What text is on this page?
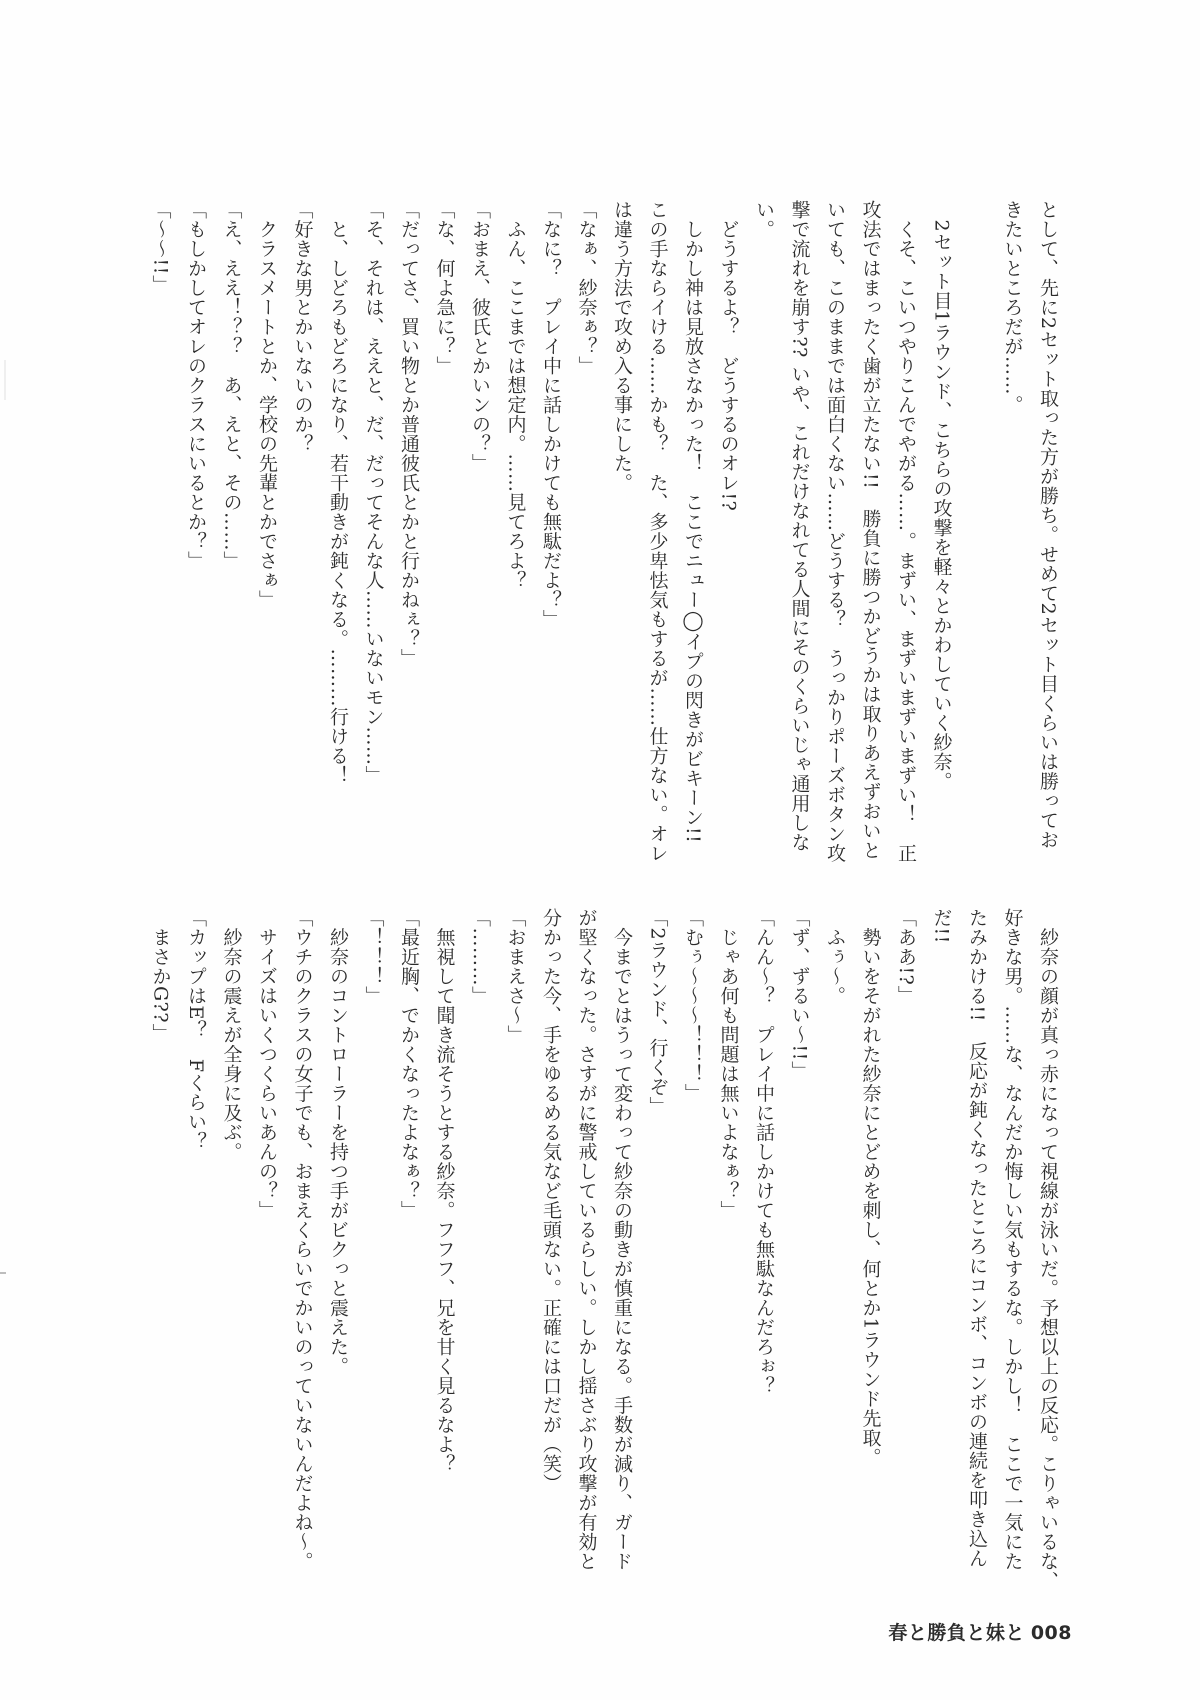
として、先に2セット取った方が勝ち。せめて2セット目くらいは勝ってお
きたいところだが……。

　2セット目1ラウンド、こちらの攻撃を軽々とかわしていく紗奈。
　くそ、こいつやりこんでやがる……。まずい、まずいまずいまずい！　正
攻法ではまったく歯が立たない!!　勝負に勝つかどうかは取りあえずおいと
いても、このままでは面白くない……どうする？　うっかりポーズボタン攻
撃で流れを崩す?? いや、これだけなれてる人間にそのくらいじゃ通用しな
い。
　どうするよ？　どうするのオレ!?
　しかし神は見放さなかった！　ここでニュー◯イプの閃きがビキーン!!
この手ならイける……かも？　た、多少卑怯気もするが……仕方ない。オレ
は違う方法で攻め入る事にした。
「なぁ、紗奈ぁ？」
「なに？　プレイ中に話しかけても無駄だよ？」
　ふん、ここまでは想定内。……見てろよ？
「おまえ、彼氏とかいンの？」
「な、何よ急に？」
「だってさ、買い物とか普通彼氏とかと行かねぇ？」
「そ、それは、ええと、だ、だってそんな人……いないモン……」
　と、しどろもどろになり、若干動きが鈍くなる。………行ける！
「好きな男とかいないのか？
　クラスメートとか、学校の先輩とかでさぁ」
「え、ええ！？？　あ、えと、その……」
「もしかしてオレのクラスにいるとか？」
「～～!!」
　紗奈の顔が真っ赤になって視線が泳いだ。予想以上の反応。こりゃいるな、
好きな男。……な、なんだか悔しい気もするな。しかし！　ここで一気にた
たみかける!!　反応が鈍くなったところにコンボ、コンボの連続を叩き込ん
だ!!
「ああ!?」
　勢いをそがれた紗奈にとどめを刺し、何とか1ラウンド先取。
　ふぅ～。
「ず、ずるい～!!」
「んん～？　プレイ中に話しかけても無駄なんだろぉ？
　じゃあ何も問題は無いよなぁ？」
「むぅ～～～！！！」
「2ラウンド、行くぞ」
　今までとはうって変わって紗奈の動きが慎重になる。手数が減り、ガード
が堅くなった。さすがに警戒しているらしい。しかし揺さぶり攻撃が有効と
分かった今、手をゆるめる気など毛頭ない。正確には口だが（笑）
「おまえさ～」
「………」
　無視して聞き流そうとする紗奈。フフフ、兄を甘く見るなよ？
「最近胸、でかくなったよなぁ？」
「！！！」
　紗奈のコントローラーを持つ手がビクっと震えた。
「ウチのクラスの女子でも、おまえくらいでかいのっていないんだよね～。
　サイズはいくつくらいあんの？」
　紗奈の震えが全身に及ぶ。
「カップはE？　Fくらい？
　まさかG??」
春と勝負と妹と 008
